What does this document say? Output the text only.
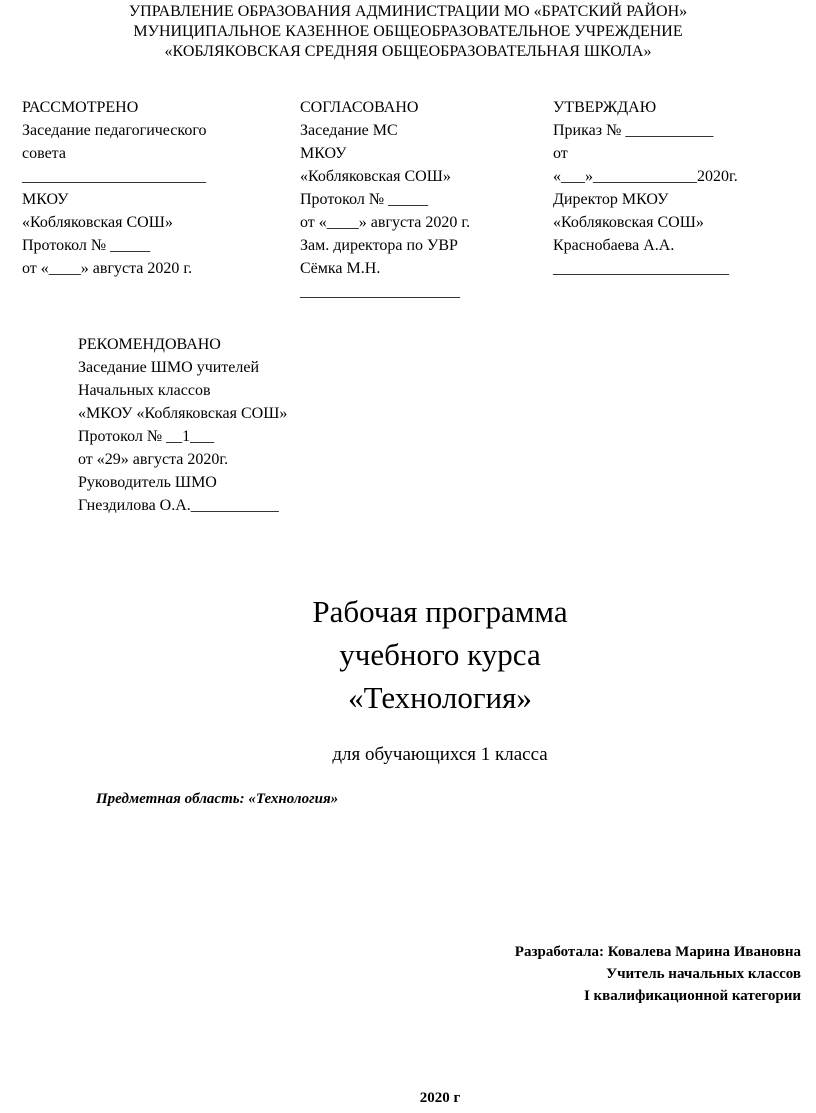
УПРАВЛЕНИЕ ОБРАЗОВАНИЯ АДМИНИСТРАЦИИ МО «БРАТСКИЙ РАЙОН»
МУНИЦИПАЛЬНОЕ КАЗЕННОЕ ОБЩЕОБРАЗОВАТЕЛЬНОЕ УЧРЕЖДЕНИЕ
«КОБЛЯКОВСКАЯ СРЕДНЯЯ ОБЩЕОБРАЗОВАТЕЛЬНАЯ ШКОЛА»
РАССМОТРЕНО
Заседание педагогического
совета
_______________________
МКОУ
«Кобляковская СОШ»
Протокол № _____
от «____» августа 2020 г.
СОГЛАСОВАНО
Заседание МС
МКОУ
«Кобляковская СОШ»
Протокол № _____
от «____» августа 2020 г.
Зам. директора по УВР
Сёмка М.Н.
____________________
УТВЕРЖДАЮ
Приказ № ___________
от
«___»_____________2020г.
Директор МКОУ
«Кобляковская СОШ»
Краснобаева А.А.
______________________
РЕКОМЕНДОВАНО
Заседание ШМО учителей
Начальных классов
«МКОУ «Кобляковская СОШ»
Протокол № __1___
от «29» августа 2020г.
Руководитель ШМО
Гнездилова О.А.___________
Рабочая программа
учебного курса
«Технология»
для обучающихся 1 класса
Предметная область: «Технология»
Разработала: Ковалева Марина Ивановна
Учитель начальных классов
I квалификационной категории
2020 г
